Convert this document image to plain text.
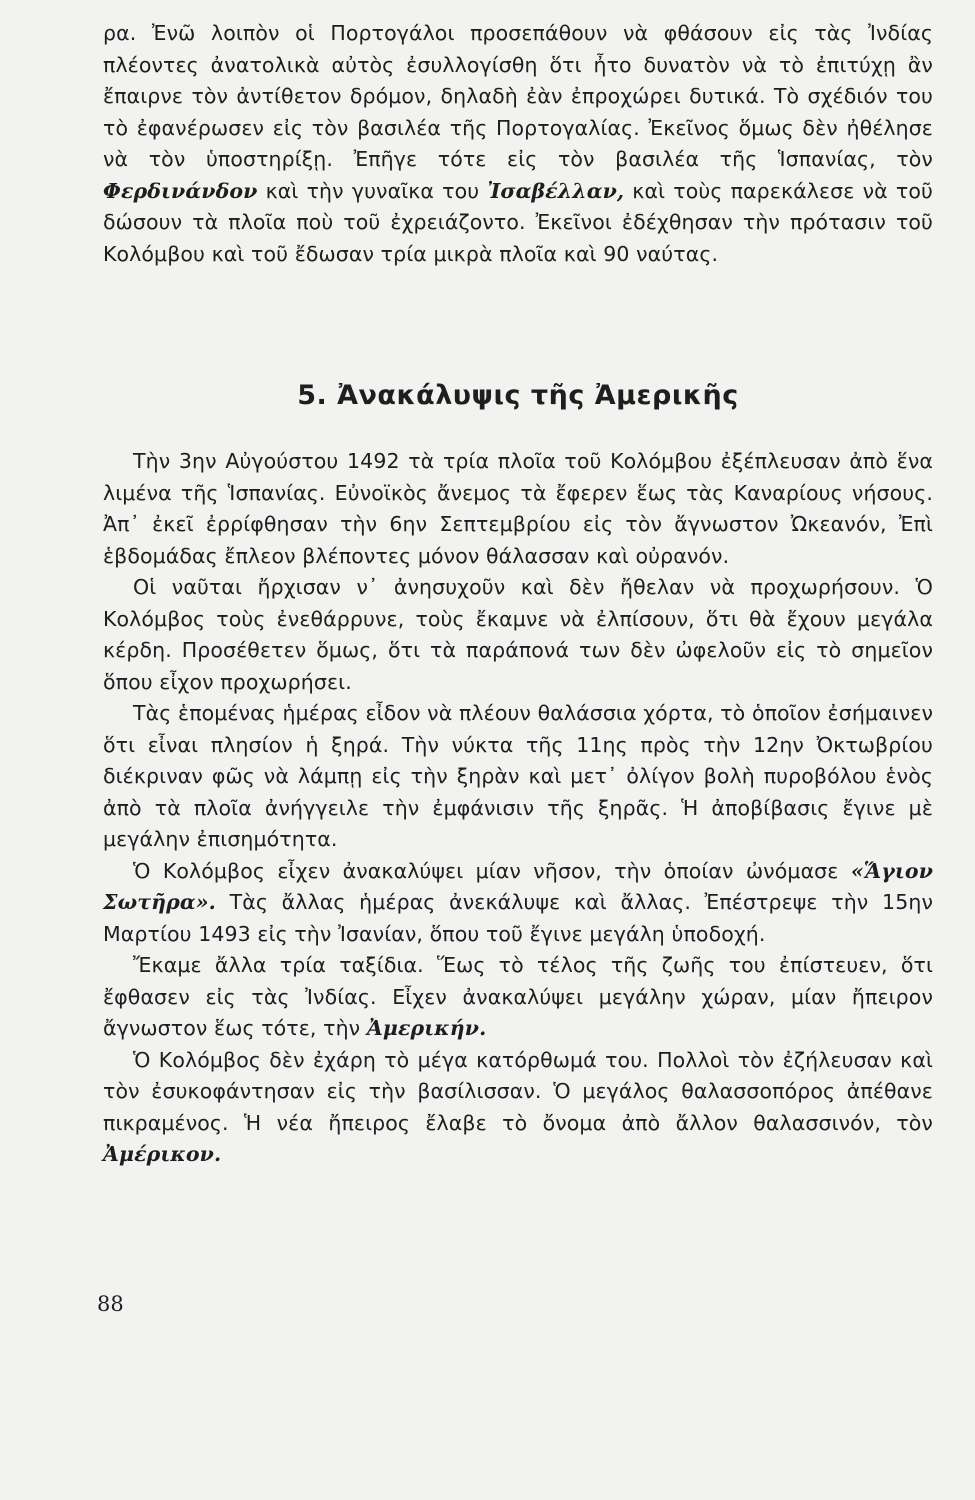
ρα. Ἐνῶ λοιπὸν οἱ Πορτογάλοι προσεπάθουν νὰ φθάσουν εἰς τὰς Ἰνδίας πλέοντες ἀνατολικὰ αὐτὸς ἐσυλλογίσθη ὅτι ἦτο δυνατὸν νὰ τὸ ἐπιτύχῃ ἂν ἔπαιρνε τὸν ἀντίθετον δρόμον, δηλαδὴ ἐὰν ἐπροχώρει δυτικά. Τὸ σχέδιόν του τὸ ἐφανέρωσεν εἰς τὸν βασιλέα τῆς Πορτογαλίας. Ἐκεῖνος ὅμως δὲν ἠθέλησε νὰ τὸν ὑποστηρίξῃ. Ἐπῆγε τότε εἰς τὸν βασιλέα τῆς Ἱσπανίας, τὸν Φερδινάνδον καὶ τὴν γυναῖκα του Ἰσαβέλλαν, καὶ τοὺς παρεκάλεσε νὰ τοῦ δώσουν τὰ πλοῖα ποὺ τοῦ ἐχρειάζοντο. Ἐκεῖνοι ἐδέχθησαν τὴν πρότασιν τοῦ Κολόμβου καὶ τοῦ ἔδωσαν τρία μικρὰ πλοῖα καὶ 90 ναύτας.

5. Ἀνακάλυψις τῆς Ἀμερικῆς

Τὴν 3ην Αὐγούστου 1492 τὰ τρία πλοῖα τοῦ Κολόμβου ἐξέπλευσαν ἀπὸ ἕνα λιμένα τῆς Ἱσπανίας. Εὐνοϊκὸς ἄνεμος τὰ ἔφερεν ἕως τὰς Καναρίους νήσους. Ἀπ᾿ ἐκεῖ ἐρρίφθησαν τὴν 6ην Σεπτεμβρίου εἰς τὸν ἄγνωστον Ὠκεανόν, Ἐπὶ ἑβδομάδας ἔπλεον βλέποντες μόνον θάλασσαν καὶ οὐρανόν.

Οἱ ναῦται ἤρχισαν ν᾿ ἀνησυχοῦν καὶ δὲν ἤθελαν νὰ προχωρήσουν. Ὁ Κολόμβος τοὺς ἐνεθάρρυνε, τοὺς ἔκαμνε νὰ ἐλπίσουν, ὅτι θὰ ἔχουν μεγάλα κέρδη. Προσέθετεν ὅμως, ὅτι τὰ παράπονά των δὲν ὠφελοῦν εἰς τὸ σημεῖον ὅπου εἶχον προχωρήσει.

Τὰς ἑπομένας ἡμέρας εἶδον νὰ πλέουν θαλάσσια χόρτα, τὸ ὁποῖον ἐσήμαινεν ὅτι εἶναι πλησίον ἡ ξηρά. Τὴν νύκτα τῆς 11ης πρὸς τὴν 12ην Ὀκτωβρίου διέκριναν φῶς νὰ λάμπῃ εἰς τὴν ξηρὰν καὶ μετ᾿ ὀλίγον βολὴ πυροβόλου ἑνὸς ἀπὸ τὰ πλοῖα ἀνήγγειλε τὴν ἐμφάνισιν τῆς ξηρᾶς. Ἡ ἀποβίβασις ἔγινε μὲ μεγάλην ἐπισημότητα.

Ὁ Κολόμβος εἶχεν ἀνακαλύψει μίαν νῆσον, τὴν ὁποίαν ὠνόμασε «Ἅγιον Σωτῆρα». Τὰς ἄλλας ἡμέρας ἀνεκάλυψε καὶ ἄλλας. Ἐπέστρεψε τὴν 15ην Μαρτίου 1493 εἰς τὴν Ἰσανίαν, ὅπου τοῦ ἔγινε μεγάλη ὑποδοχή.

Ἔκαμε ἄλλα τρία ταξίδια. Ἕως τὸ τέλος τῆς ζωῆς του ἐπίστευεν, ὅτι ἔφθασεν εἰς τὰς Ἰνδίας. Εἶχεν ἀνακαλύψει μεγάλην χώραν, μίαν ἤπειρον ἄγνωστον ἕως τότε, τὴν Ἀμερικήν.

Ὁ Κολόμβος δὲν ἐχάρη τὸ μέγα κατόρθωμά του. Πολλοὶ τὸν ἐζήλευσαν καὶ τὸν ἐσυκοφάντησαν εἰς τὴν βασίλισσαν. Ὁ μεγάλος θαλασσοπόρος ἀπέθανε πικραμένος. Ἡ νέα ἤπειρος ἔλαβε τὸ ὄνομα ἀπὸ ἄλλον θαλασσινόν, τὸν Ἀμέρικον.

88
